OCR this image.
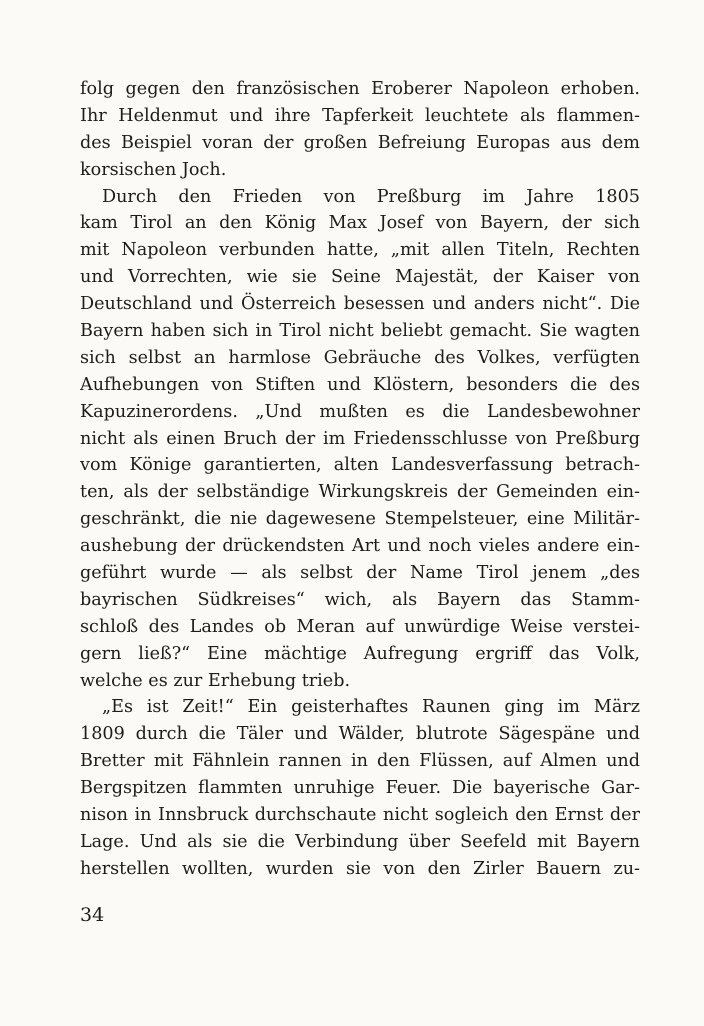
folg gegen den französischen Eroberer Napoleon erhoben.
Ihr Heldenmut und ihre Tapferkeit leuchtete als flammen-
des Beispiel voran der großen Befreiung Europas aus dem
korsischen Joch.
Durch den Frieden von Preßburg im Jahre 1805
kam Tirol an den König Max Josef von Bayern, der sich
mit Napoleon verbunden hatte, „mit allen Titeln, Rechten
und Vorrechten, wie sie Seine Majestät, der Kaiser von
Deutschland und Österreich besessen und anders nicht“. Die
Bayern haben sich in Tirol nicht beliebt gemacht. Sie wagten
sich selbst an harmlose Gebräuche des Volkes, verfügten
Aufhebungen von Stiften und Klöstern, besonders die des
Kapuzinerordens. „Und mußten es die Landesbewohner
nicht als einen Bruch der im Friedensschlusse von Preßburg
vom Könige garantierten, alten Landesverfassung betrach-
ten, als der selbständige Wirkungskreis der Gemeinden ein-
geschränkt, die nie dagewesene Stempelsteuer, eine Militär-
aushebung der drückendsten Art und noch vieles andere ein-
geführt wurde — als selbst der Name Tirol jenem „des
bayrischen Südkreises“ wich, als Bayern das Stamm-
schloß des Landes ob Meran auf unwürdige Weise verstei-
gern ließ?“ Eine mächtige Aufregung ergriff das Volk,
welche es zur Erhebung trieb.
„Es ist Zeit!“ Ein geisterhaftes Raunen ging im März
1809 durch die Täler und Wälder, blutrote Sägespäne und
Bretter mit Fähnlein rannen in den Flüssen, auf Almen und
Bergspitzen flammten unruhige Feuer. Die bayerische Gar-
nison in Innsbruck durchschaute nicht sogleich den Ernst der
Lage. Und als sie die Verbindung über Seefeld mit Bayern
herstellen wollten, wurden sie von den Zirler Bauern zu-
34
